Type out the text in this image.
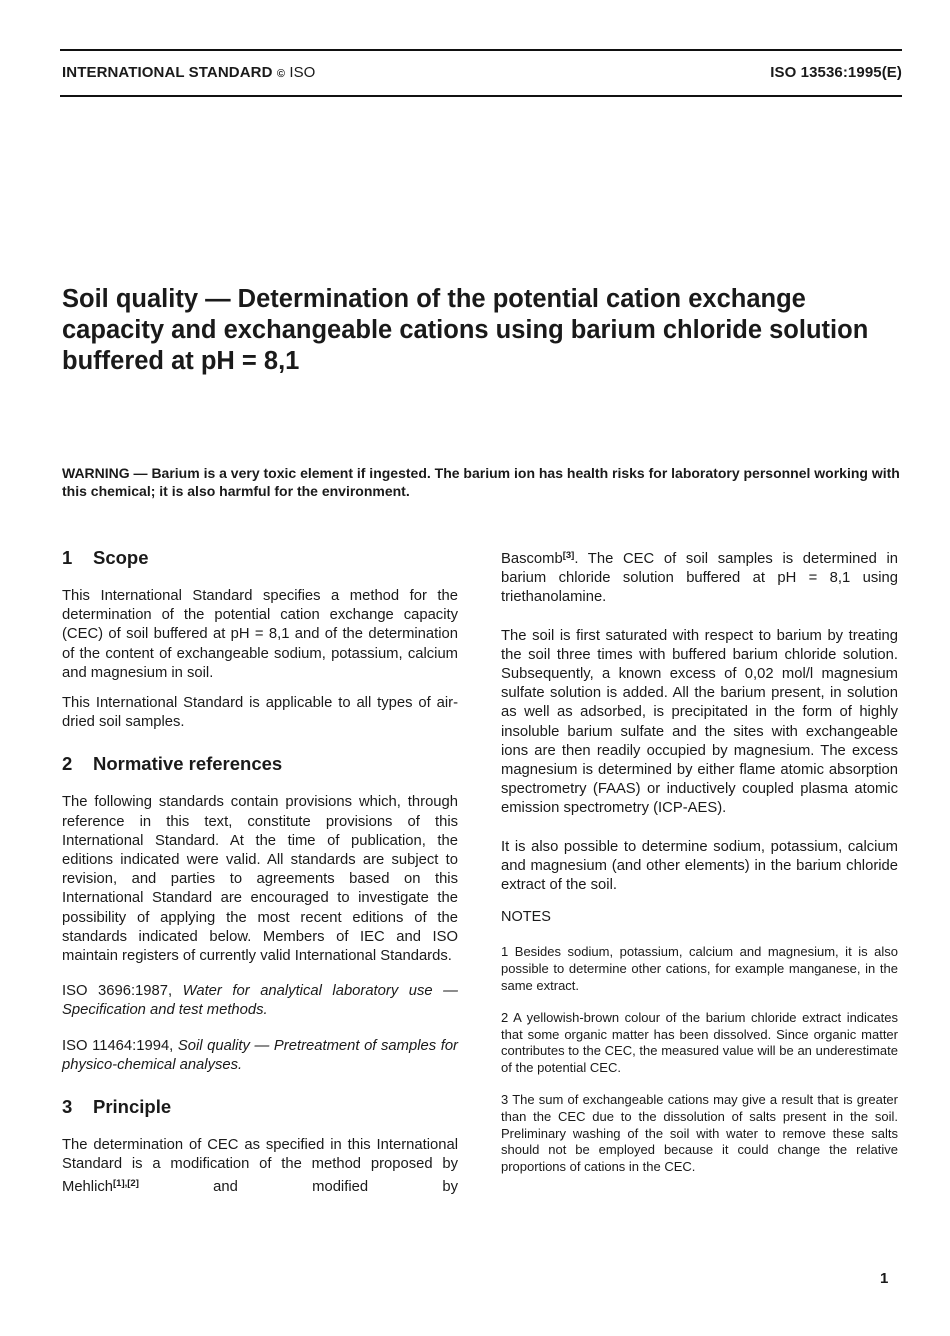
INTERNATIONAL STANDARD © ISO	ISO 13536:1995(E)
Soil quality — Determination of the potential cation exchange capacity and exchangeable cations using barium chloride solution buffered at pH = 8,1

WARNING — Barium is a very toxic element if ingested. The barium ion has health risks for laboratory personnel working with this chemical; it is also harmful for the environment.

1 Scope

This International Standard specifies a method for the determination of the potential cation exchange capacity (CEC) of soil buffered at pH = 8,1 and of the determination of the content of exchangeable sodium, potassium, calcium and magnesium in soil.

This International Standard is applicable to all types of air-dried soil samples.

2 Normative references

The following standards contain provisions which, through reference in this text, constitute provisions of this International Standard. At the time of publication, the editions indicated were valid. All standards are subject to revision, and parties to agreements based on this International Standard are encouraged to investigate the possibility of applying the most recent editions of the standards indicated below. Members of IEC and ISO maintain registers of currently valid International Standards.

ISO 3696:1987, Water for analytical laboratory use — Specification and test methods.

ISO 11464:1994, Soil quality — Pretreatment of samples for physico-chemical analyses.

3 Principle

The determination of CEC as specified in this International Standard is a modification of the method proposed by Mehlich[1],[2]	and modified by

Bascomb[3]. The CEC of soil samples is determined in barium chloride solution buffered at pH = 8,1 using triethanolamine.

The soil is first saturated with respect to barium by treating the soil three times with buffered barium chloride solution. Subsequently, a known excess of 0,02 mol/l magnesium sulfate solution is added. All the barium present, in solution as well as adsorbed, is precipitated in the form of highly insoluble barium sulfate and the sites with exchangeable ions are then readily occupied by magnesium. The excess magnesium is determined by either flame atomic absorption spectrometry (FAAS) or inductively coupled plasma atomic emission spectrometry (ICP-AES).

It is also possible to determine sodium, potassium, calcium and magnesium (and other elements) in the barium chloride extract of the soil.

NOTES

1 Besides sodium, potassium, calcium and magnesium, it is also possible to determine other cations, for example manganese, in the same extract.

2 A yellowish-brown colour of the barium chloride extract indicates that some organic matter has been dissolved. Since organic matter contributes to the CEC, the measured value will be an underestimate of the potential CEC.

3 The sum of exchangeable cations may give a result that is greater than the CEC due to the dissolution of salts present in the soil. Preliminary washing of the soil with water to remove these salts should not be employed because it could change the relative proportions of cations in the CEC.

1
